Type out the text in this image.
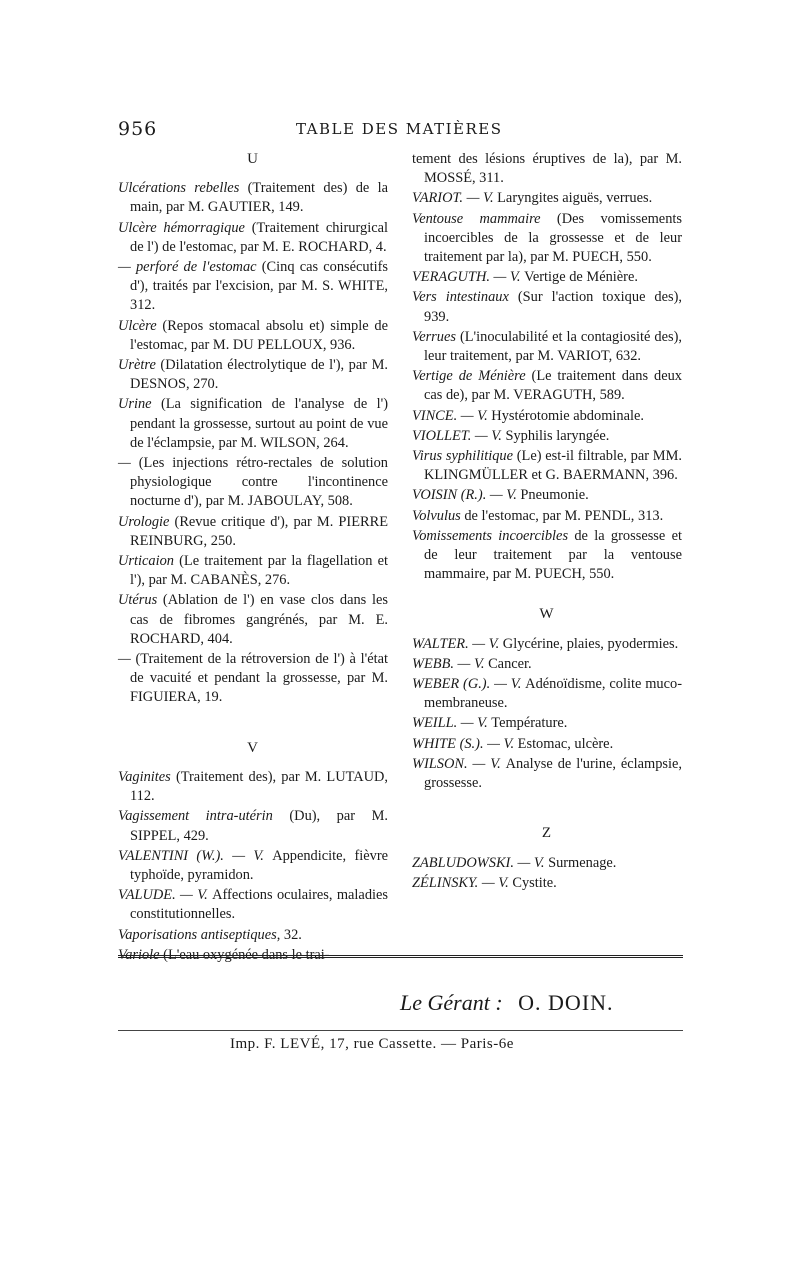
956	TABLE DES MATIÈRES
U
Ulcérations rebelles (Traitement des) de la main, par M. GAUTIER, 149.
Ulcère hémorragique (Traitement chirurgical de l') de l'estomac, par M. E. ROCHARD, 4.
— perforé de l'estomac (Cinq cas consécutifs d'), traités par l'excision, par M. S. WHITE, 312.
Ulcère (Repos stomacal absolu et) simple de l'estomac, par M. DU PELLOUX, 936.
Urètre (Dilatation électrolytique de l'), par M. DESNOS, 270.
Urine (La signification de l'analyse de l') pendant la grossesse, surtout au point de vue de l'éclampsie, par M. WILSON, 264.
— (Les injections rétro-rectales de solution physiologique contre l'incontinence nocturne d'), par M. JABOULAY, 508.
Urologie (Revue critique d'), par M. PIERRE REINBURG, 250.
Urticaion (Le traitement par la flagellation et l'), par M. CABANÈS, 276.
Utérus (Ablation de l') en vase clos dans les cas de fibromes gangrénés, par M. E. ROCHARD, 404.
— (Traitement de la rétroversion de l') à l'état de vacuité et pendant la grossesse, par M. FIGUIERA, 19.
V
Vaginites (Traitement des), par M. LUTAUD, 112.
Vagissement intra-utérin (Du), par M. SIPPEL, 429.
VALENTINI (W.). — V. Appendicite, fièvre typhoïde, pyramidon.
VALUDE. — V. Affections oculaires, maladies constitutionnelles.
Vaporisations antiseptiques, 32.
Variole (L'eau oxygénée dans le trai-
tement des lésions éruptives de la), par M. MOSSÉ, 311.
VARIOT. — V. Laryngites aiguës, verrues.
Ventouse mammaire (Des vomissements incoercibles de la grossesse et de leur traitement par la), par M. PUECH, 550.
VERAGUTH. — V. Vertige de Ménière.
Vers intestinaux (Sur l'action toxique des), 939.
Verrues (L'inoculabilité et la contagiosité des), leur traitement, par M. VARIOT, 632.
Vertige de Ménière (Le traitement dans deux cas de), par M. VERAGUTH, 589.
VINCE. — V. Hystérotomie abdominale.
VIOLLET. — V. Syphilis laryngée.
Virus syphilitique (Le) est-il filtrable, par MM. KLINGMÜLLER et G. BAERMANN, 396.
VOISIN (R.). — V. Pneumonie.
Volvulus de l'estomac, par M. PENDL, 313.
Vomissements incoercibles de la grossesse et de leur traitement par la ventouse mammaire, par M. PUECH, 550.
W
WALTER. — V. Glycérine, plaies, pyodermies.
WEBB. — V. Cancer.
WEBER (G.). — V. Adénoïdisme, colite muco-membraneuse.
WEILL. — V. Température.
WHITE (S.). — V. Estomac, ulcère.
WILSON. — V. Analyse de l'urine, éclampsie, grossesse.
Z
ZABLUDOWSKI. — V. Surmenage.
ZÉLINSKY. — V. Cystite.
Le Gérant : O. DOIN.
Imp. F. LEVÉ, 17, rue Cassette. — Paris-6e
